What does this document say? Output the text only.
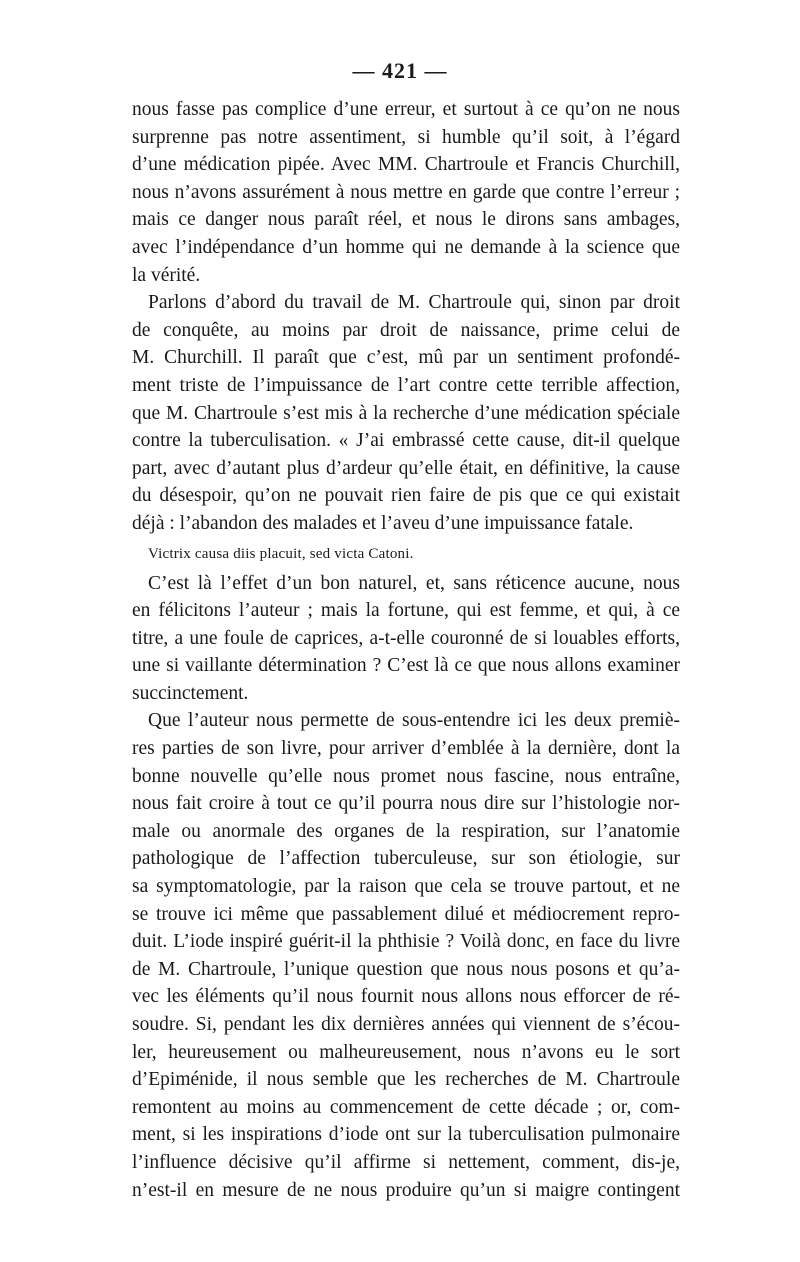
— 421 —
nous fasse pas complice d’une erreur, et surtout à ce qu’on ne nous
surprenne pas notre assentiment, si humble qu’il soit, à l’égard
d’une médication pipée. Avec MM. Chartroule et Francis Churchill,
nous n’avons assurément à nous mettre en garde que contre l’erreur ;
mais ce danger nous paraît réel, et nous le dirons sans ambages,
avec l’indépendance d’un homme qui ne demande à la science que
la vérité.
Parlons d’abord du travail de M. Chartroule qui, sinon par droit
de conquête, au moins par droit de naissance, prime celui de
M. Churchill. Il paraît que c’est, mû par un sentiment profondé-
ment triste de l’impuissance de l’art contre cette terrible affection,
que M. Chartroule s’est mis à la recherche d’une médication spéciale
contre la tuberculisation. « J’ai embrassé cette cause, dit-il quelque
part, avec d’autant plus d’ardeur qu’elle était, en définitive, la cause
du désespoir, qu’on ne pouvait rien faire de pis que ce qui existait
déjà : l’abandon des malades et l’aveu d’une impuissance fatale.
Victrix causa diis placuit, sed victa Catoni.
C’est là l’effet d’un bon naturel, et, sans réticence aucune, nous
en félicitons l’auteur ; mais la fortune, qui est femme, et qui, à ce
titre, a une foule de caprices, a-t-elle couronné de si louables efforts,
une si vaillante détermination ? C’est là ce que nous allons examiner
succinctement.
Que l’auteur nous permette de sous-entendre ici les deux premiè-
res parties de son livre, pour arriver d’emblée à la dernière, dont la
bonne nouvelle qu’elle nous promet nous fascine, nous entraîne,
nous fait croire à tout ce qu’il pourra nous dire sur l’histologie nor-
male ou anormale des organes de la respiration, sur l’anatomie
pathologique de l’affection tuberculeuse, sur son étiologie, sur
sa symptomatologie, par la raison que cela se trouve partout, et ne
se trouve ici même que passablement dilué et médiocrement repro-
duit. L’iode inspiré guérit-il la phthisie ? Voilà donc, en face du livre
de M. Chartroule, l’unique question que nous nous posons et qu’a-
vec les éléments qu’il nous fournit nous allons nous efforcer de ré-
soudre. Si, pendant les dix dernières années qui viennent de s’écou-
ler, heureusement ou malheureusement, nous n’avons eu le sort
d’Epiménide, il nous semble que les recherches de M. Chartroule
remontent au moins au commencement de cette décade ; or, com-
ment, si les inspirations d’iode ont sur la tuberculisation pulmonaire
l’influence décisive qu’il affirme si nettement, comment, dis-je,
n’est-il en mesure de ne nous produire qu’un si maigre contingent
